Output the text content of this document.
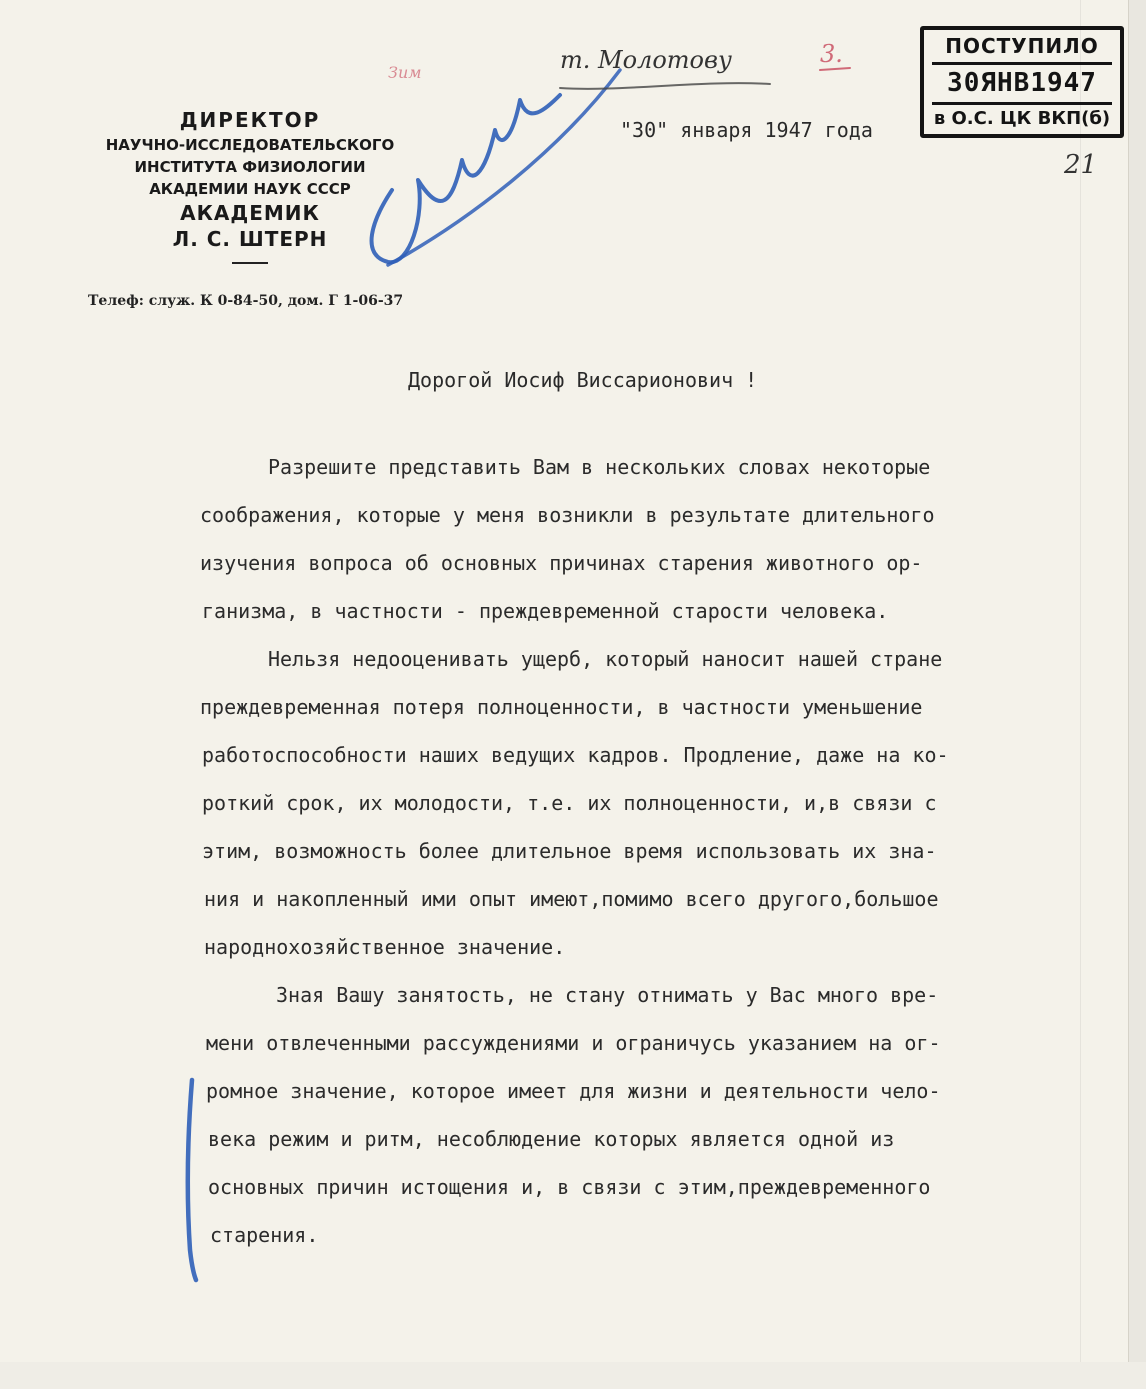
ДИРЕКТОР
НАУЧНО-ИССЛЕДОВАТЕЛЬСКОГО
ИНСТИТУТА ФИЗИОЛОГИИ
АКАДЕМИИ НАУК СССР
АКАДЕМИК
Л. С. ШТЕРН
Телеф: служ. К 0-84-50, дом. Г 1-06-37
"30" января 1947 года
ПОСТУПИЛО
30ЯНВ1947
в О.С. ЦК ВКП(б)
21
Дорогой Иосиф Виссарионович !
Разрешите представить Вам в нескольких словах некоторые
соображения, которые у меня возникли в результате длительного
изучения вопроса об основных причинах старения животного ор-
ганизма, в частности - преждевременной старости человека.
Нельзя недооценивать ущерб, который наносит нашей стране
преждевременная потеря полноценности, в частности уменьшение
работоспособности наших ведущих кадров. Продление, даже на ко-
роткий срок, их молодости, т.е. их полноценности, и,в связи с
этим, возможность более длительное время использовать их зна-
ния и накопленный ими опыт имеют,помимо всего другого,большое
народнохозяйственное значение.
Зная Вашу занятость, не стану отнимать у Вас много вре-
мени отвлеченными рассуждениями и ограничусь указанием на ог-
ромное значение, которое имеет для жизни и деятельности чело-
века режим и ритм, несоблюдение которых является одной из
основных причин истощения и, в связи с этим,преждевременного
старения.
т. Молотову	3.
Зим
